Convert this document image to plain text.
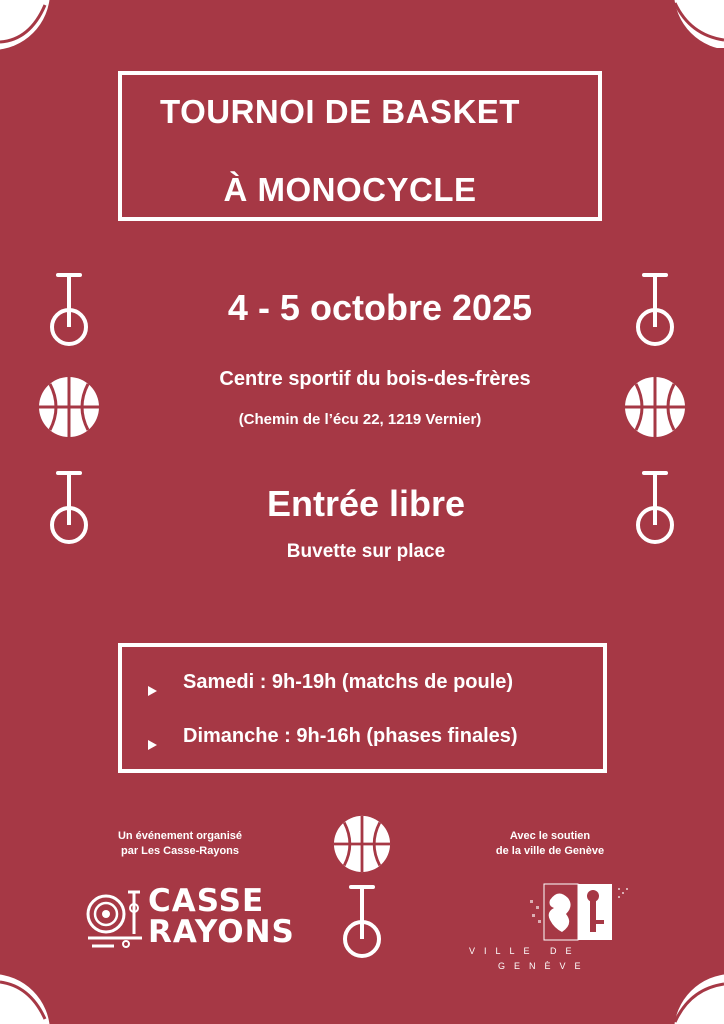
TOURNOI DE BASKET
À MONOCYCLE
4 - 5 octobre 2025
Centre sportif du bois-des-frères
(Chemin de l’écu 22, 1219 Vernier)
Entrée libre
Buvette sur place
Samedi : 9h-19h (matchs de poule)
Dimanche : 9h-16h (phases finales)
Un événement organisé
par Les Casse-Rayons
Avec le soutien
de la ville de Genève
CASSE
RAYONS
VILLE DE
GENÈVE
